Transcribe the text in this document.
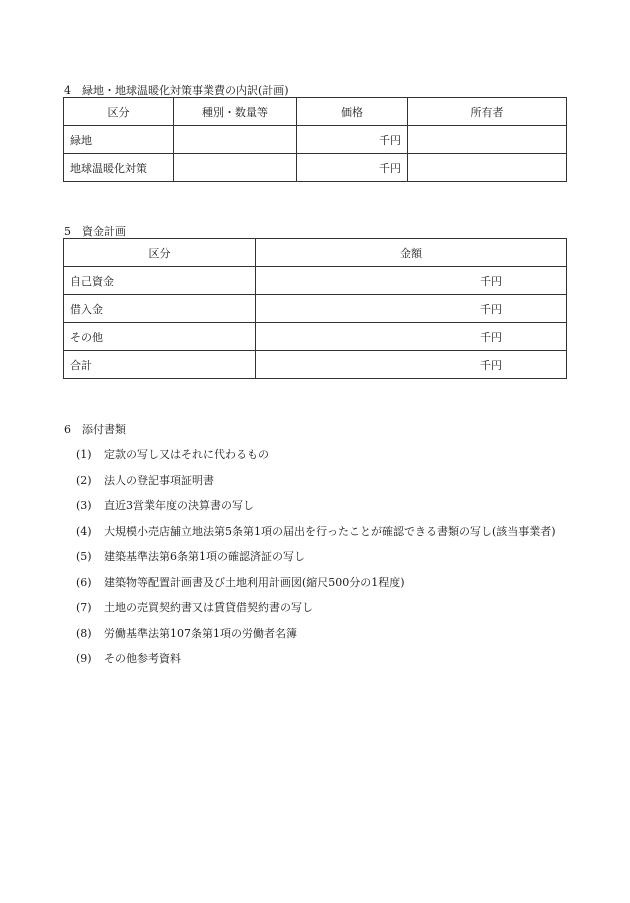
4 緑地・地球温暖化対策事業費の内訳(計画)
区分	種別・数量等	価格	所有者
緑地		千円	
地球温暖化対策		千円	
5 資金計画
区分	金額
自己資金	千円
借入金	千円
その他	千円
合計	千円
6 添付書類
(1) 定款の写し又はそれに代わるもの
(2) 法人の登記事項証明書
(3) 直近3営業年度の決算書の写し
(4) 大規模小売店舗立地法第5条第1項の届出を行ったことが確認できる書類の写し(該当事業者)
(5) 建築基準法第6条第1項の確認済証の写し
(6) 建築物等配置計画書及び土地利用計画図(縮尺500分の1程度)
(7) 土地の売買契約書又は賃貸借契約書の写し
(8) 労働基準法第107条第1項の労働者名簿
(9) その他参考資料
